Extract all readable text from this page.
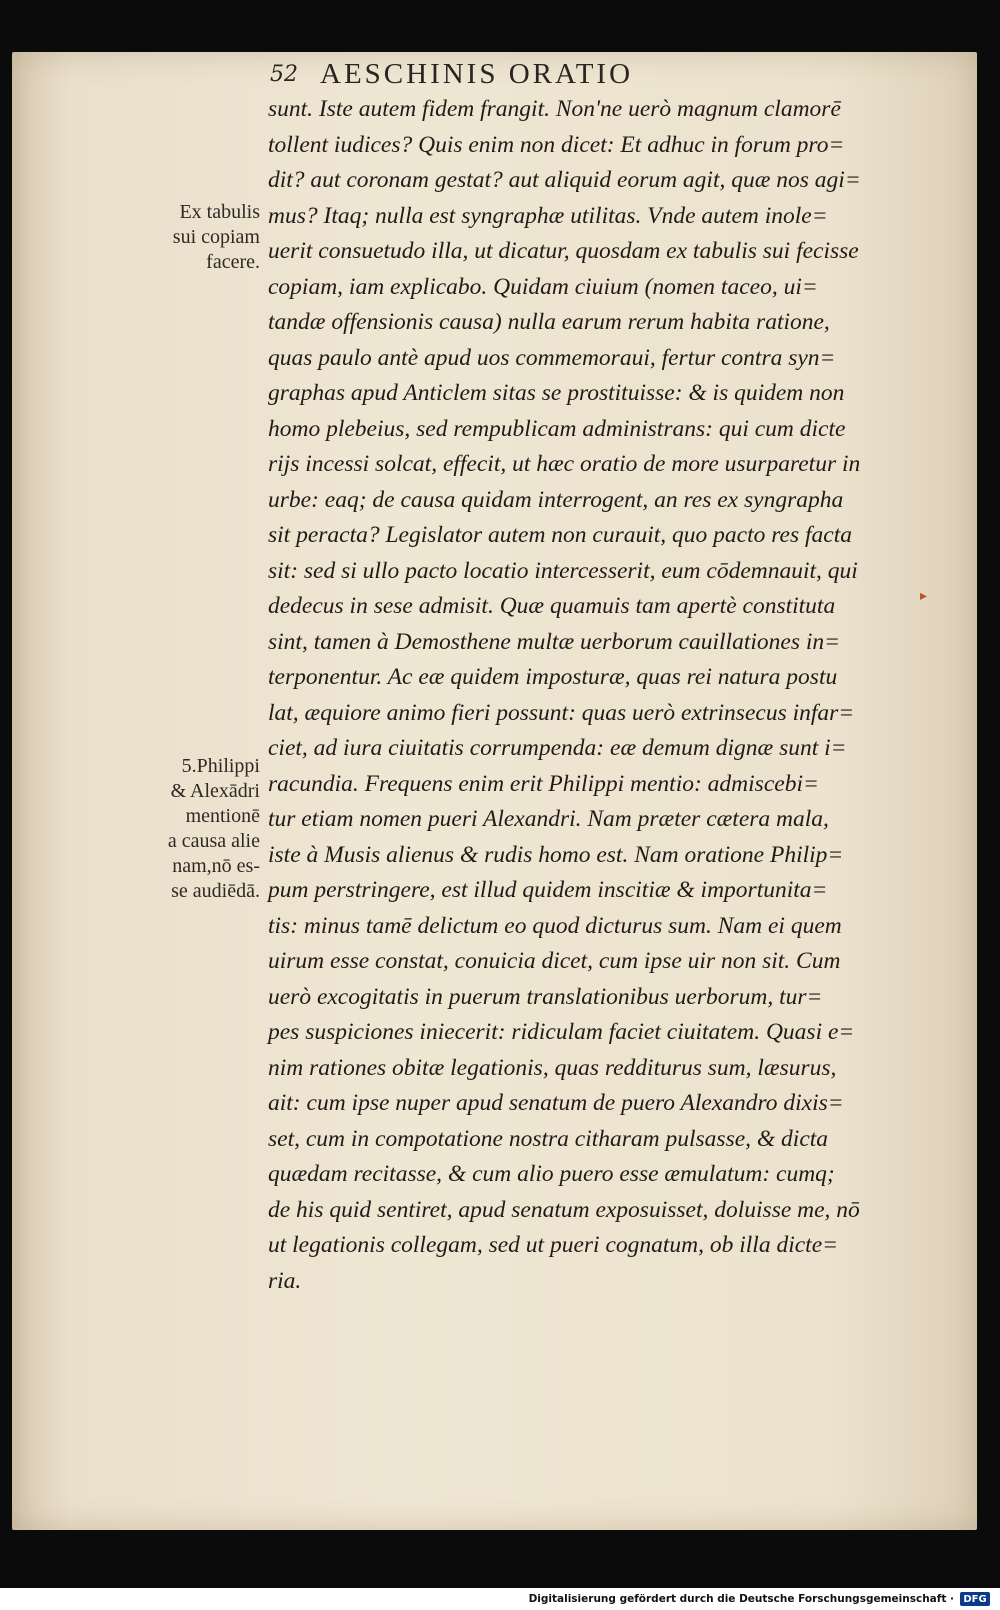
52 AESCHINIS ORATIO
Ex tabulis
sui copiam
facere.
5.Philippi
& Alexādri
mentionē
a causa alie
nam,nō es-
se audiēdā.
sunt. Iste autem fidem frangit. Non'ne uerò magnum clamorē
tollent iudices? Quis enim non dicet: Et adhuc in forum pro=
dit? aut coronam gestat? aut aliquid eorum agit, quæ nos agi=
mus? Itaq; nulla est syngraphæ utilitas. Vnde autem inole=
uerit consuetudo illa, ut dicatur, quosdam ex tabulis sui fecisse
copiam, iam explicabo. Quidam ciuium (nomen taceo, ui=
tandæ offensionis causa) nulla earum rerum habita ratione,
quas paulo antè apud uos commemoraui, fertur contra syn=
graphas apud Anticlem sitas se prostituisse: & is quidem non
homo plebeius, sed rempublicam administrans: qui cum dicte
rijs incessi solcat, effecit, ut hæc oratio de more usurparetur in
urbe: eaq; de causa quidam interrogent, an res ex syngrapha
sit peracta? Legislator autem non curauit, quo pacto res facta
sit: sed si ullo pacto locatio intercesserit, eum cōdemnauit, qui
dedecus in sese admisit. Quæ quamuis tam apertè constituta
sint, tamen à Demosthene multæ uerborum cauillationes in=
terponentur. Ac eæ quidem imposturæ, quas rei natura postu
lat, æquiore animo fieri possunt: quas uerò extrinsecus infar=
ciet, ad iura ciuitatis corrumpenda: eæ demum dignæ sunt i=
racundia. Frequens enim erit Philippi mentio: admiscebi=
tur etiam nomen pueri Alexandri. Nam præter cætera mala,
iste à Musis alienus & rudis homo est. Nam oratione Philip=
pum perstringere, est illud quidem inscitiæ & importunita=
tis: minus tamē delictum eo quod dicturus sum. Nam ei quem
uirum esse constat, conuicia dicet, cum ipse uir non sit. Cum
uerò excogitatis in puerum translationibus uerborum, tur=
pes suspiciones iniecerit: ridiculam faciet ciuitatem. Quasi e=
nim rationes obitæ legationis, quas redditurus sum, læsurus,
ait: cum ipse nuper apud senatum de puero Alexandro dixis=
set, cum in compotatione nostra citharam pulsasse, & dicta
quædam recitasse, & cum alio puero esse æmulatum: cumq;
de his quid sentiret, apud senatum exposuisset, doluisse me, nō
ut legationis collegam, sed ut pueri cognatum, ob illa dicte=
ria.
▸
Digitalisierung gefördert durch die Deutsche Forschungsgemeinschaft · DFG
